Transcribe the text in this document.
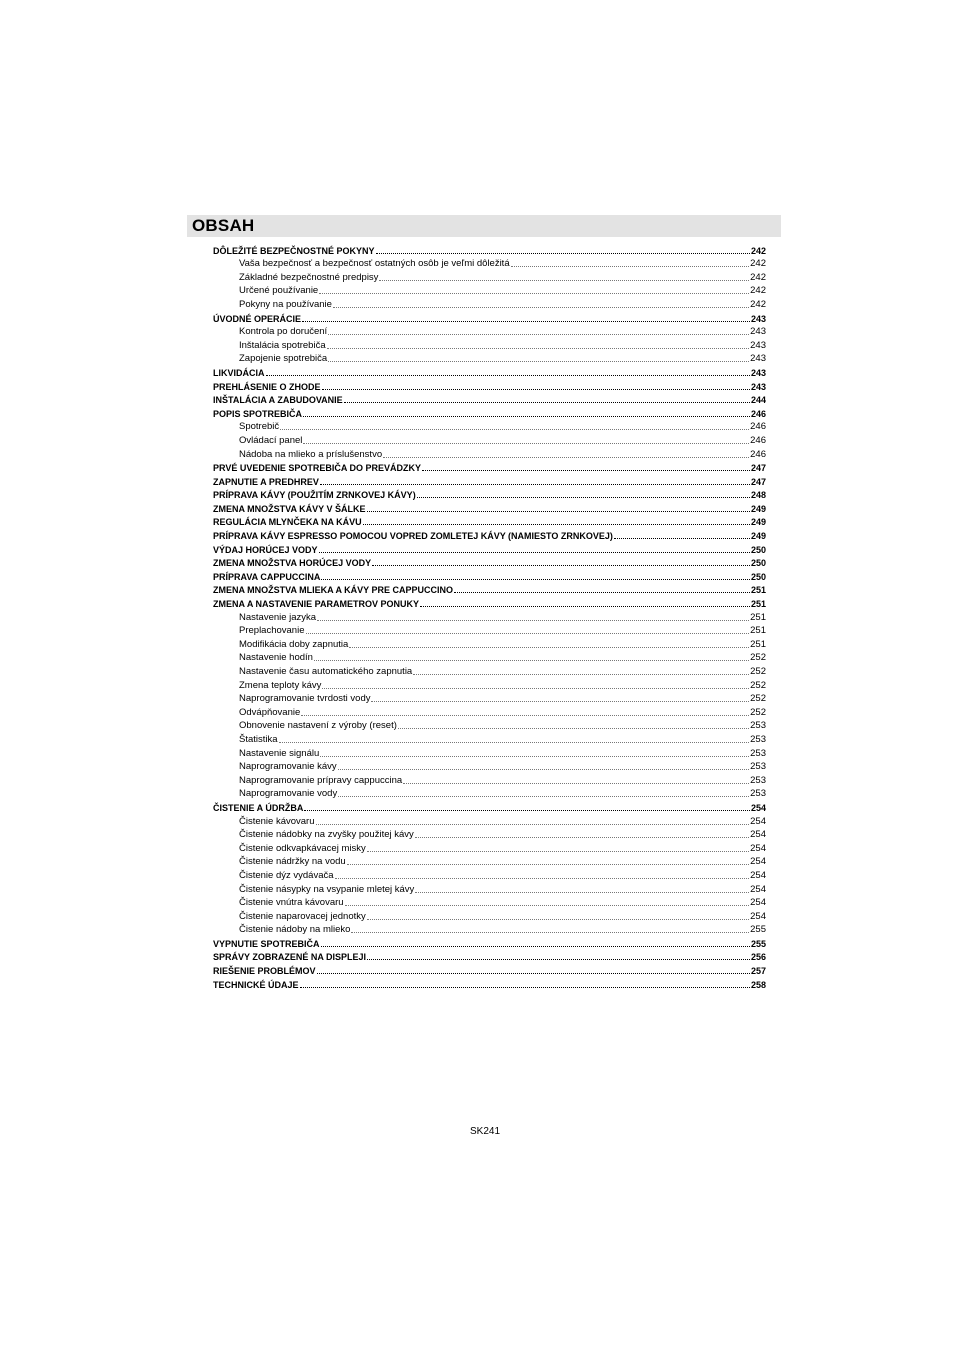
OBSAH
DÔLEŽITÉ BEZPEČNOSTNÉ POKYNY	242
Vaša bezpečnosť a bezpečnosť ostatných osôb je veľmi dôležitá	242
Základné bezpečnostné predpisy	242
Určené používanie	242
Pokyny na používanie	242
ÚVODNÉ OPERÁCIE	243
Kontrola po doručení	243
Inštalácia spotrebiča	243
Zapojenie spotrebiča	243
LIKVIDÁCIA	243
PREHLÁSENIE O ZHODE	243
INŠTALÁCIA A ZABUDOVANIE	244
POPIS SPOTREBIČA	246
Spotrebič	246
Ovládací panel	246
Nádoba na mlieko a príslušenstvo	246
PRVÉ UVEDENIE SPOTREBIČA DO PREVÁDZKY	247
ZAPNUTIE A PREDHREV	247
PRÍPRAVA KÁVY (POUŽITÍM ZRNKOVEJ KÁVY)	248
ZMENA MNOŽSTVA KÁVY V ŠÁLKE	249
REGULÁCIA MLYNČEKA NA KÁVU	249
PRÍPRAVA KÁVY ESPRESSO POMOCOU VOPRED ZOMLETEJ KÁVY (NAMIESTO ZRNKOVEJ)	249
VÝDAJ HORÚCEJ VODY	250
ZMENA MNOŽSTVA HORÚCEJ VODY	250
PRÍPRAVA CAPPUCCINA	250
ZMENA MNOŽSTVA MLIEKA A KÁVY PRE CAPPUCCINO	251
ZMENA A NASTAVENIE PARAMETROV PONUKY	251
Nastavenie jazyka	251
Preplachovanie	251
Modifikácia doby zapnutia	251
Nastavenie hodín	252
Nastavenie času automatického zapnutia	252
Zmena teploty kávy	252
Naprogramovanie tvrdosti vody	252
Odvápňovanie	252
Obnovenie nastavení z výroby (reset)	253
Štatistika	253
Nastavenie signálu	253
Naprogramovanie kávy	253
Naprogramovanie prípravy cappuccina	253
Naprogramovanie vody	253
ČISTENIE A ÚDRŽBA	254
Čistenie kávovaru	254
Čistenie nádobky na zvyšky použitej kávy	254
Čistenie odkvapkávacej misky	254
Čistenie nádržky na vodu	254
Čistenie dýz vydávača	254
Čistenie násypky na vsypanie mletej kávy	254
Čistenie vnútra kávovaru	254
Čistenie naparovacej jednotky	254
Čistenie nádoby na mlieko	255
VYPNUTIE SPOTREBIČA	255
SPRÁVY ZOBRAZENÉ NA DISPLEJI	256
RIEŠENIE PROBLÉMOV	257
TECHNICKÉ ÚDAJE	258
SK241
